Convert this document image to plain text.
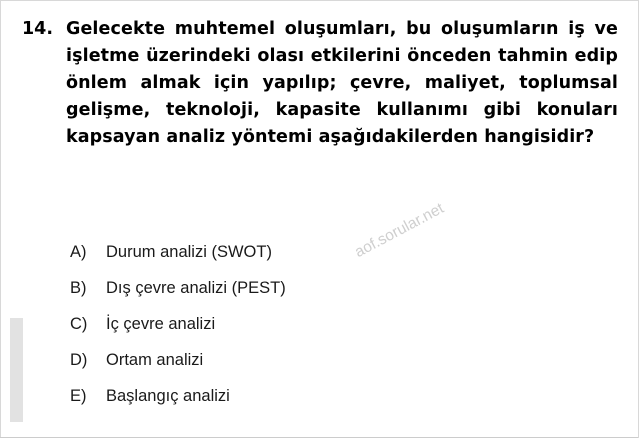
14. Gelecekte muhtemel oluşumları, bu oluşumların iş ve işletme üzerindeki olası etkilerini önceden tahmin edip önlem almak için yapılıp; çevre, maliyet, toplumsal gelişme, teknoloji, kapasite kullanımı gibi konuları kapsayan analiz yöntemi aşağıdakilerden hangisidir?
A)	Durum analizi (SWOT)
B)	Dış çevre analizi (PEST)
C)	İç çevre analizi
D)	Ortam analizi
E)	Başlangıç analizi
aof.sorular.net
